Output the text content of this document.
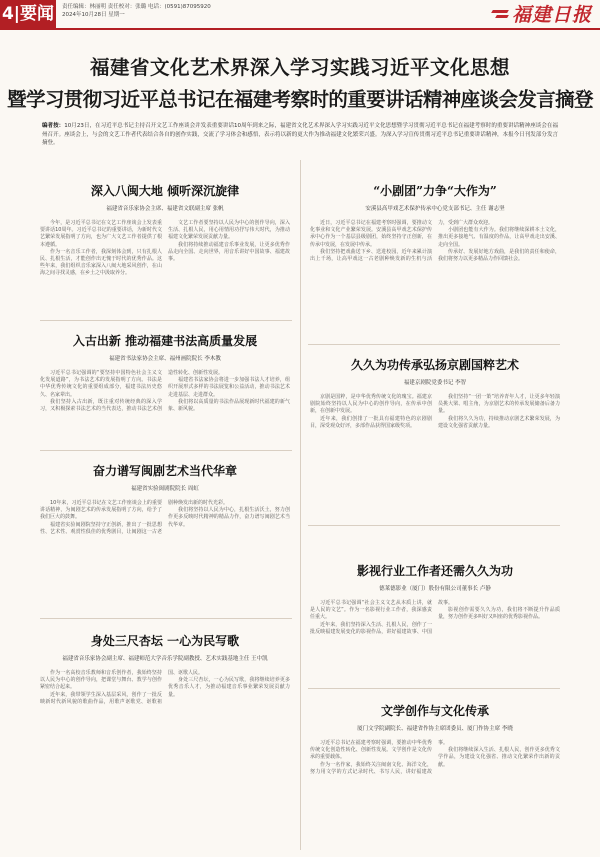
4|要闻	责任编辑：林丽明 责任校对：张璐 电话：(0591)87095920
2024年10月28日 星期一	福建日报
福建省文化艺术界深入学习实践习近平文化思想
暨学习贯彻习近平总书记在福建考察时的重要讲话精神座谈会发言摘登
编者按：10月23日，在习近平总书记主持召开文艺工作座谈会并发表重要讲话10周年到来之际，福建省文化艺术界深入学习实践习近平文化思想暨学习贯彻习近平总书记在福建考察时的重要讲话精神座谈会在福州召开。座谈会上，与会的文艺工作者代表结合各自的创作实践，交流了学习体会和感悟，表示将以新的更大作为推动福建文化繁荣兴盛。为深入学习宣传贯彻习近平总书记重要讲话精神，本报今日刊发部分发言摘登。
深入八闽大地 倾听深沉旋律
福建省音乐家协会主席、福建省文联副主席 张帆

今年，是习近平总书记在文艺工作座谈会上发表重要讲话10周年。习近平总书记的重要讲话，为新时代文艺繁荣发展指明了方向，也为广大文艺工作者提供了根本遵循。

作为一名音乐工作者，我深刻体会到，只有扎根人民、扎根生活，才能创作出无愧于时代的优秀作品。这些年来，我们组织音乐家深入八闽大地采风创作，在山海之间寻找灵感，在乡土之中汲取养分。

文艺工作者要坚持以人民为中心的创作导向，深入生活、扎根人民，用心用情用功抒写伟大时代，为推动福建文化繁荣发展贡献力量。

我们将持续推动福建音乐事业发展，让更多优秀作品走向全国、走向世界，用音乐讲好中国故事、福建故事。

“小剧团”力争“大作为”
安溪县高甲戏艺术保护传承中心党支部书记、主任 谢志坚

近日，习近平总书记在福建考察时强调，要推动文化事业和文化产业繁荣发展。安溪县高甲戏艺术保护传承中心作为一个基层县级剧团，始终坚持守正创新，在传承中发展，在发展中传承。

我们坚持把戏曲送下乡、送进校园，近年来累计演出上千场，让高甲戏这一古老剧种焕发新的生机与活力，受到广大群众欢迎。

小剧团也能有大作为。我们将继续深耕本土文化，推出更多接地气、有温度的作品，让高甲戏走出安溪、走向全国。

传承好、发展好地方戏曲，是我们的责任和使命，我们将努力以更多精品力作回馈社会。

入古出新 推动福建书法高质量发展
福建省书法家协会主席、福州画院院长 李木教

习近平总书记强调的“要坚持中国特色社会主义文化发展道路”，为书法艺术的发展指明了方向。书法是中华优秀传统文化的重要组成部分，福建书法历史悠久、名家辈出。

我们坚持入古出新，既注重对传统经典的深入学习，又积极探索书法艺术的当代表达，推动书法艺术创造性转化、创新性发展。

福建省书法家协会将进一步加强书法人才培养，组织开展形式多样的书法展览和公益活动，推动书法艺术走进基层、走进群众。

我们将以高质量的书法作品展现新时代福建的新气象、新风貌。

久久为功传承弘扬京剧国粹艺术
福建京剧院党委书记 李智

京剧是国粹，是中华优秀传统文化的瑰宝。福建京剧院始终坚持以人民为中心的创作导向，在传承中创新，在创新中发展。

近年来，我们创排了一批具有福建特色的京剧剧目，深受观众好评，多部作品获得国家级奖项。

我们坚持“一团一策”培养青年人才，让更多年轻演员挑大梁、唱主角，为京剧艺术的传承发展储备后备力量。

我们将久久为功，持续推动京剧艺术繁荣发展，为建设文化强省贡献力量。

奋力谱写闽剧艺术当代华章
福建省实验闽剧院院长 周虹

10年来，习近平总书记在文艺工作座谈会上的重要讲话精神，为闽剧艺术的传承发展指明了方向，给予了我们巨大的鼓舞。

福建省实验闽剧院坚持守正创新，推出了一批思想性、艺术性、观赏性俱佳的优秀剧目，让闽剧这一古老剧种焕发出新的时代光彩。

我们将坚持以人民为中心，扎根生活沃土，努力创作更多反映时代精神的精品力作，奋力谱写闽剧艺术当代华章。

影视行业工作者还需久久为功
德莱德影业（厦门）股份有限公司董事长 卢静

习近平总书记强调“社会主义文艺从本质上讲，就是人民的文艺”。作为一名影视行业工作者，我深感责任重大。

近年来，我们坚持深入生活、扎根人民，创作了一批反映福建发展变化的影视作品，讲好福建故事、中国故事。

影视创作需要久久为功，我们将不断提升作品质量，努力创作更多叫好又叫座的优秀影视作品。

身处三尺杏坛 一心为民写歌
福建省音乐家协会副主席、福建师范大学音乐学院副教授、艺术实践基地主任 王中凯

作为一名高校音乐教师和音乐创作者，我始终坚持以人民为中心的创作导向，把课堂与舞台、教学与创作紧密结合起来。

近年来，我带领学生深入基层采风，创作了一批反映新时代新风貌的歌曲作品，用歌声讴歌党、讴歌祖国、讴歌人民。

身处三尺杏坛，一心为民写歌，我将继续培养更多优秀音乐人才，为推动福建音乐事业繁荣发展贡献力量。

文学创作与文化传承
厦门文学院副院长、福建省作协主席团委员、厦门作协主席 李晓

习近平总书记在福建考察时强调，要推动中华优秀传统文化创造性转化、创新性发展。文学创作是文化传承的重要载体。

作为一名作家，我始终关注闽南文化、海洋文化，努力用文学的方式记录时代、书写人民，讲好福建故事。

我们将继续深入生活、扎根人民，创作更多优秀文学作品，为建设文化强省、推动文化繁荣作出新的贡献。
